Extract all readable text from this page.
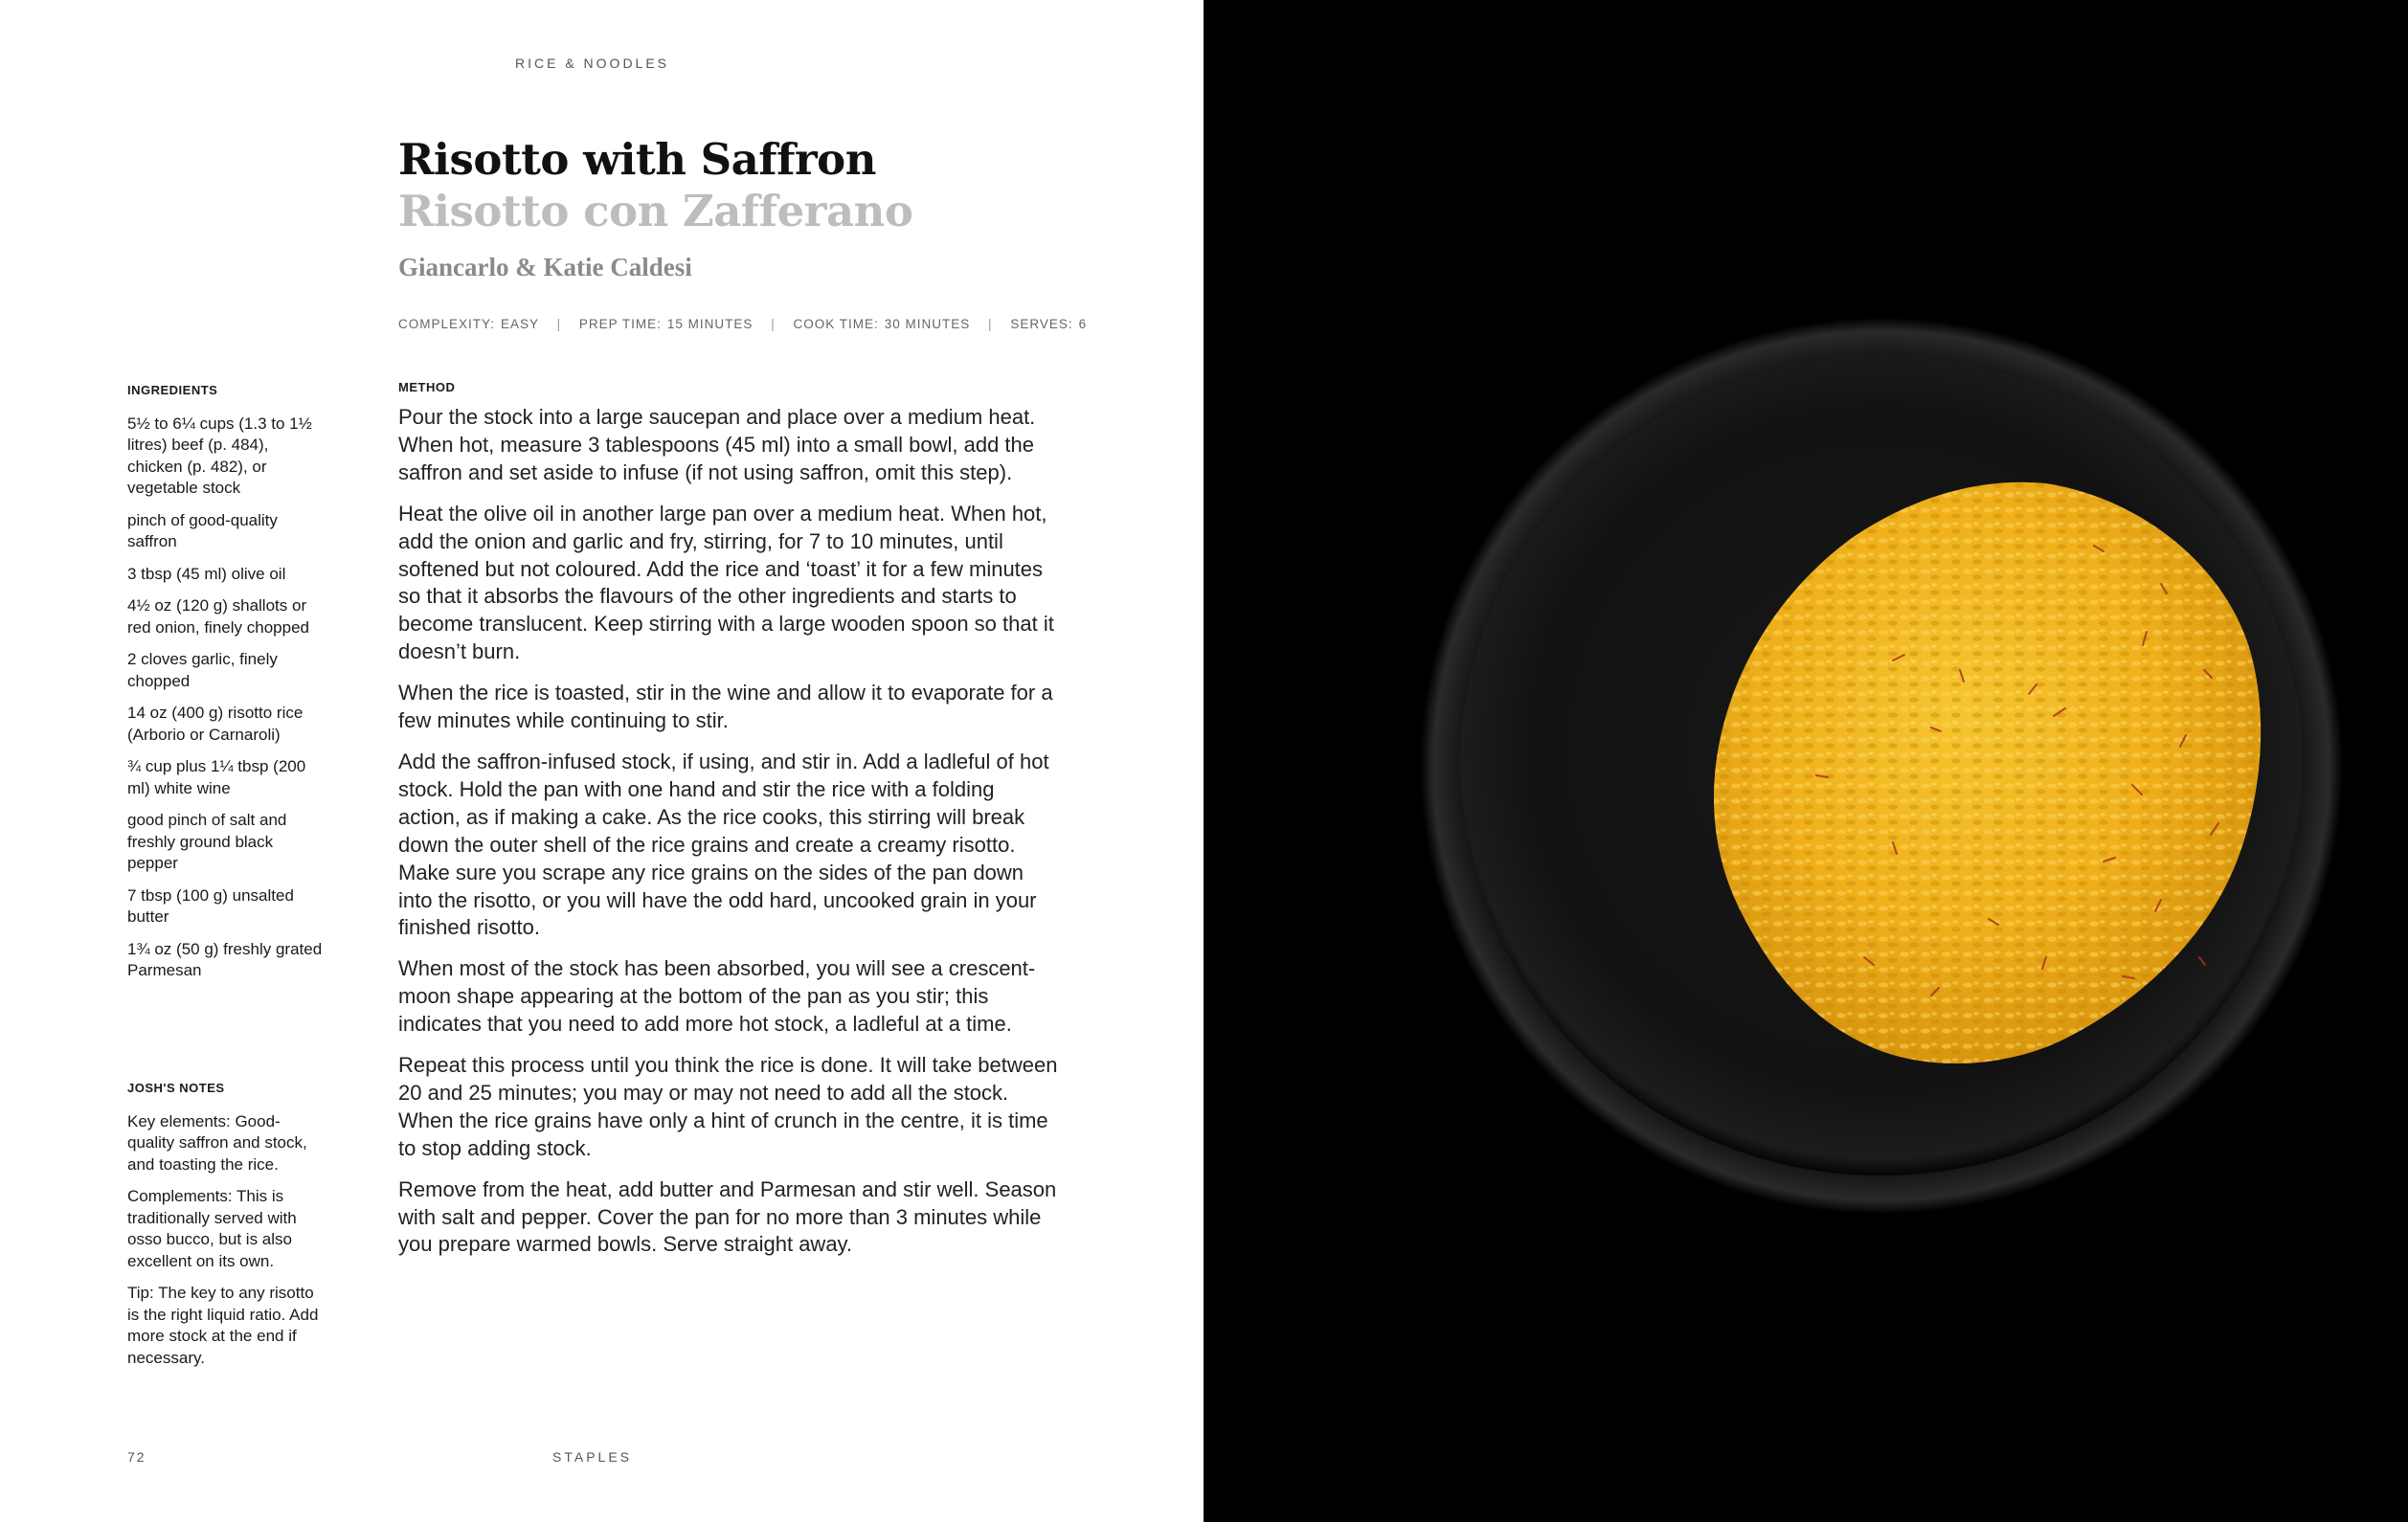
RICE & NOODLES
Risotto with Saffron
Risotto con Zafferano
Giancarlo & Katie Caldesi
COMPLEXITY: EASY | PREP TIME: 15 MINUTES | COOK TIME: 30 MINUTES | SERVES: 6
INGREDIENTS
5½ to 6¼ cups (1.3 to 1½ litres) beef (p. 484), chicken (p. 482), or vegetable stock
pinch of good-quality saffron
3 tbsp (45 ml) olive oil
4½ oz (120 g) shallots or red onion, finely chopped
2 cloves garlic, finely chopped
14 oz (400 g) risotto rice (Arborio or Carnaroli)
¾ cup plus 1¼ tbsp (200 ml) white wine
good pinch of salt and freshly ground black pepper
7 tbsp (100 g) unsalted butter
1¾ oz (50 g) freshly grated Parmesan
JOSH'S NOTES
Key elements: Good-quality saffron and stock, and toasting the rice.
Complements: This is traditionally served with osso bucco, but is also excellent on its own.
Tip: The key to any risotto is the right liquid ratio. Add more stock at the end if necessary.
METHOD

Pour the stock into a large saucepan and place over a medium heat. When hot, measure 3 tablespoons (45 ml) into a small bowl, add the saffron and set aside to infuse (if not using saffron, omit this step).

Heat the olive oil in another large pan over a medium heat. When hot, add the onion and garlic and fry, stirring, for 7 to 10 minutes, until softened but not coloured. Add the rice and ‘toast’ it for a few minutes so that it absorbs the flavours of the other ingredients and starts to become translucent. Keep stirring with a large wooden spoon so that it doesn’t burn.

When the rice is toasted, stir in the wine and allow it to evaporate for a few minutes while continuing to stir.

Add the saffron-infused stock, if using, and stir in. Add a ladleful of hot stock. Hold the pan with one hand and stir the rice with a folding action, as if making a cake. As the rice cooks, this stirring will break down the outer shell of the rice grains and create a creamy risotto. Make sure you scrape any rice grains on the sides of the pan down into the risotto, or you will have the odd hard, uncooked grain in your finished risotto.

When most of the stock has been absorbed, you will see a crescent-moon shape appearing at the bottom of the pan as you stir; this indicates that you need to add more hot stock, a ladleful at a time.

Repeat this process until you think the rice is done. It will take between 20 and 25 minutes; you may or may not need to add all the stock. When the rice grains have only a hint of crunch in the centre, it is time to stop adding stock.

Remove from the heat, add butter and Parmesan and stir well. Season with salt and pepper. Cover the pan for no more than 3 minutes while you prepare warmed bowls. Serve straight away.

72	STAPLES
